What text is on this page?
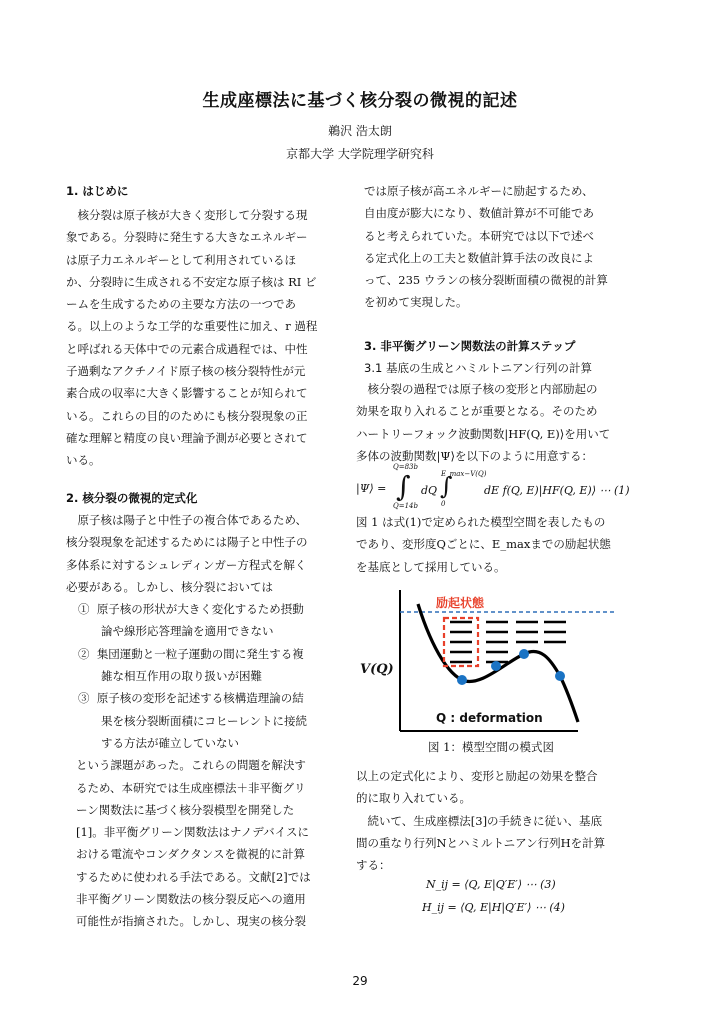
生成座標法に基づく核分裂の微視的記述
鵜沢 浩太朗
京都大学 大学院理学研究科
1. はじめに

　核分裂は原子核が大きく変形して分裂する現

象である。分裂時に発生する大きなエネルギー

は原子力エネルギーとして利用されているほ

か、分裂時に生成される不安定な原子核は RI ビ

ームを生成するための主要な方法の一つであ

る。以上のような工学的な重要性に加え、r 過程

と呼ばれる天体中での元素合成過程では、中性

子過剰なアクチノイド原子核の核分裂特性が元

素合成の収率に大きく影響することが知られて

いる。これらの目的のためにも核分裂現象の正

確な理解と精度の良い理論予測が必要とされて

いる。

2. 核分裂の微視的定式化

　原子核は陽子と中性子の複合体であるため、

核分裂現象を記述するためには陽子と中性子の

多体系に対するシュレディンガー方程式を解く

必要がある。しかし、核分裂においては

① 原子核の形状が大きく変化するため摂動

論や線形応答理論を適用できない

② 集団運動と一粒子運動の間に発生する複

雑な相互作用の取り扱いが困難

③ 原子核の変形を記述する核構造理論の結

果を核分裂断面積にコヒーレントに接続

する方法が確立していない

という課題があった。これらの問題を解決す

るため、本研究では生成座標法＋非平衡グリ

ーン関数法に基づく核分裂模型を開発した

[1]。非平衡グリーン関数法はナノデバイスに

おける電流やコンダクタンスを微視的に計算

するために使われる手法である。文献[2]では

非平衡グリーン関数法の核分裂反応への適用

可能性が指摘された。しかし、現実の核分裂

では原子核が高エネルギーに励起するため、

自由度が膨大になり、数値計算が不可能であ

ると考えられていた。本研究では以下で述べ

る定式化上の工夫と数値計算手法の改良によ

って、235 ウランの核分裂断面積の微視的計算

を初めて実現した。

3. 非平衡グリーン関数法の計算ステップ
3.1 基底の生成とハミルトニアン行列の計算

　核分裂の過程では原子核の変形と内部励起の

効果を取り入れることが重要となる。そのため

ハートリーフォック波動関数|HF(Q, E)⟩を用いて

多体の波動関数|Ψ⟩を以下のように用意する：

|Ψ⟩ =
Q=83b
∫
Q=14b
dQ
E_max−V(Q)
∫
0
dE f(Q, E)|HF(Q, E)⟩ ⋯ (1)

図 1 は式(1)で定められた模型空間を表したもの

であり、変形度Qごとに、E_maxまでの励起状態

を基底として採用している。

励起状態
V(Q)
Q : deformation
図 1：模型空間の模式図

以上の定式化により、変形と励起の効果を整合

的に取り入れている。

　続いて、生成座標法[3]の手続きに従い、基底

間の重なり行列Nとハミルトニアン行列Hを計算

する：

N_ij = ⟨Q, E|Q′E′⟩ ⋯ (3)
H_ij = ⟨Q, E|H|Q′E′⟩ ⋯ (4)
29
